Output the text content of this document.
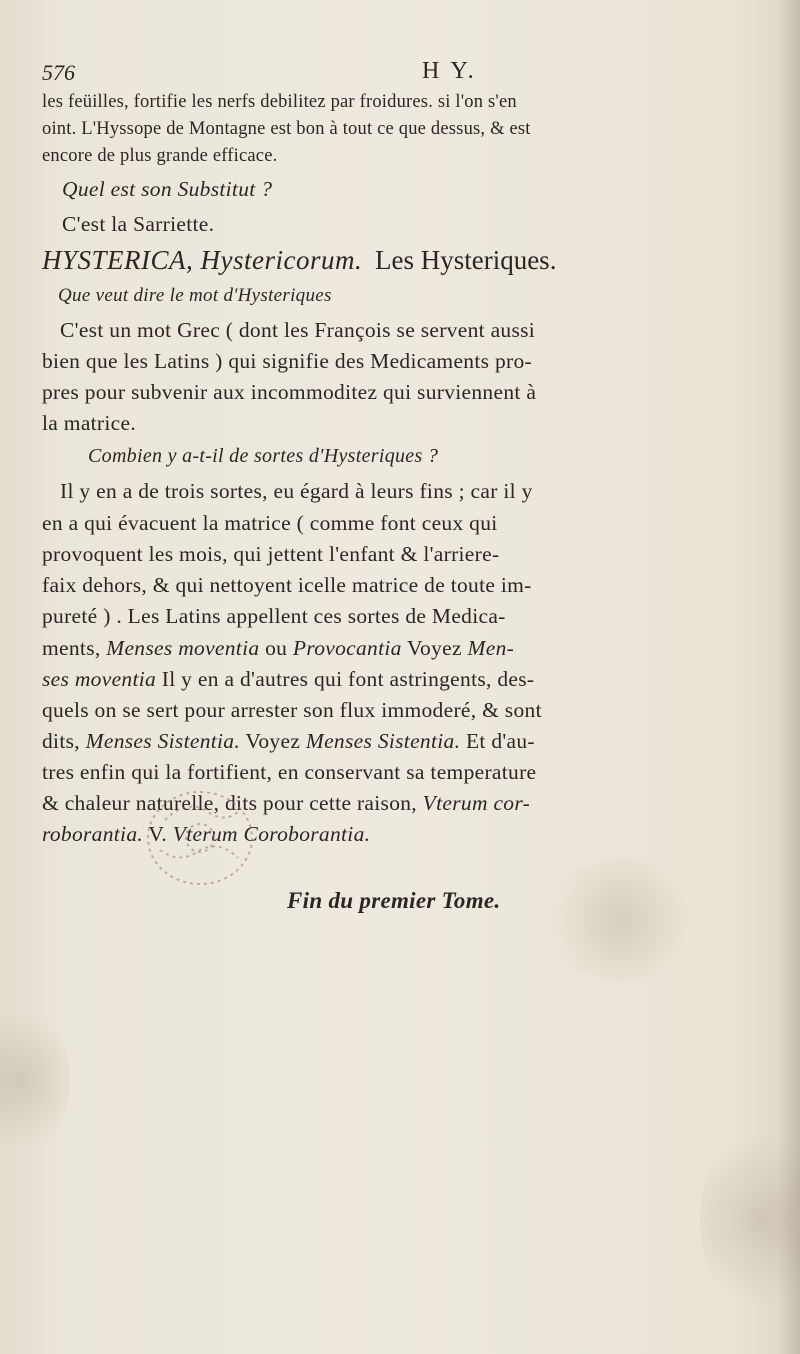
576	H Y.
les feüilles, fortifie les nerfs debilitez par froidures. si l'on s'en
oint. L'Hyssope de Montagne est bon à tout ce que dessus, & est
encore de plus grande efficace.
Quel est son Substitut ?
C'est la Sarriette.
HYSTERICA, Hystericorum. Les Hysteriques.
Que veut dire le mot d'Hysteriques
C'est un mot Grec ( dont les François se servent aussi
bien que les Latins ) qui signifie des Medicaments pro-
pres pour subvenir aux incommoditez qui surviennent à
la matrice.
Combien y a-t-il de sortes d'Hysteriques ?
Il y en a de trois sortes, eu égard à leurs fins ; car il y
en a qui évacuent la matrice ( comme font ceux qui
provoquent les mois, qui jettent l'enfant & l'arriere-
faix dehors, & qui nettoyent icelle matrice de toute im-
pureté ) . Les Latins appellent ces sortes de Medica-
ments, Menses moventia ou Provocantia Voyez Men-
ses moventia Il y en a d'autres qui font astringents, des-
quels on se sert pour arrester son flux immoderé, & sont
dits, Menses Sistentia. Voyez Menses Sistentia. Et d'au-
tres enfin qui la fortifient, en conservant sa temperature
& chaleur naturelle, dits pour cette raison, Vterum cor-
roborantia. V. Vterum Coroborantia.
Fin du premier Tome.
